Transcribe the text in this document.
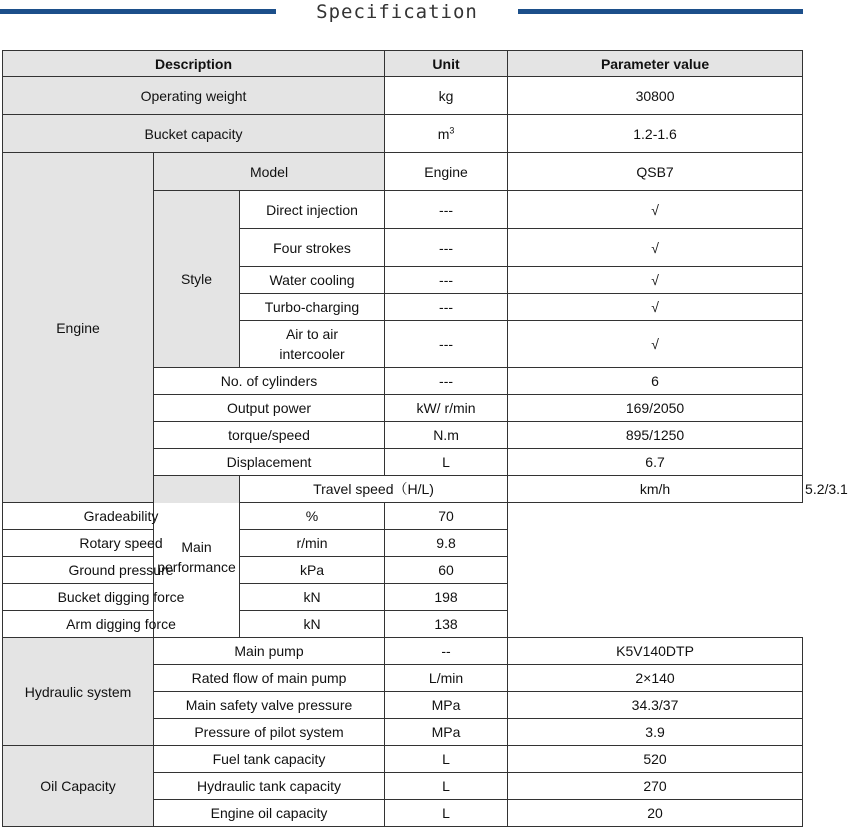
Specification
Description			Unit	Parameter value	
Operating weight			kg	30800	
Bucket capacity			$m^3$	1.2-1.6	
Engine	Model		Engine	QSB7	
	Style	Direct injection	---	√	
		Four strokes	---	√	
		Water cooling	---	√	
		Turbo-charging	---	√	
		Air to air
intercooler	---	√	
	No. of cylinders		---	6	
	Output power		kW/ r/min	169/2050	
	torque/speed		N.m	895/1250	
	Displacement		L	6.7	
	Main performance	Travel speed（H/L)		km/h	5.2/3.1
Gradeability		%	70		
Rotary speed		r/min	9.8		
Ground pressure		kPa	60		
Bucket digging force		kN	198		
Arm digging force		kN	138		
Hydraulic system	Main pump		--	K5V140DTP	
	Rated flow of main pump		L/min	2×140	
	Main safety valve pressure		MPa	34.3/37	
	Pressure of pilot system		MPa	3.9	
Oil Capacity	Fuel tank capacity		L	520	
	Hydraulic tank capacity		L	270	
	Engine oil capacity		L	20	
